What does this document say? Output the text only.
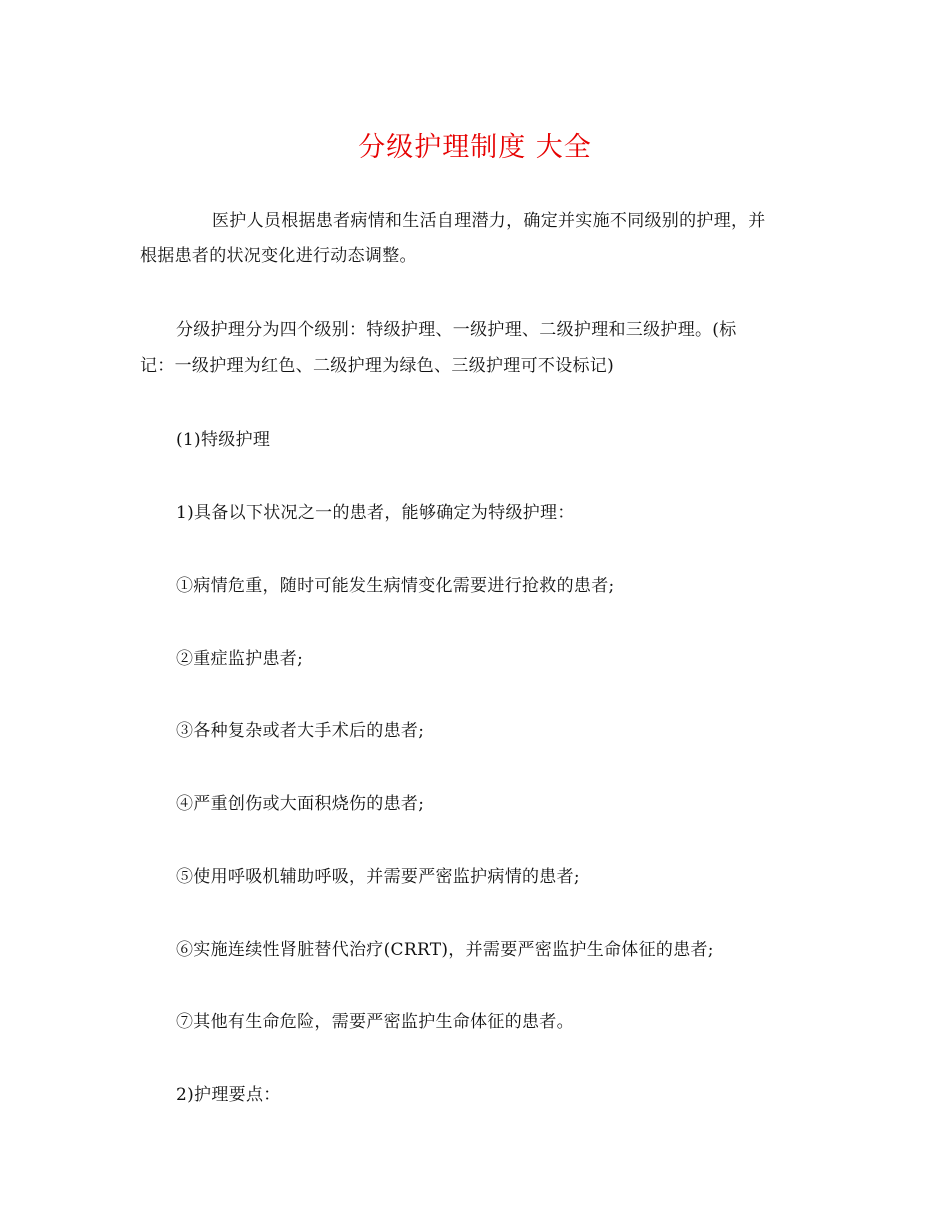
分级护理制度 大全
医护人员根据患者病情和生活自理潜力，确定并实施不同级别的护理，并
根据患者的状况变化进行动态调整。
分级护理分为四个级别：特级护理、一级护理、二级护理和三级护理。(标
记：一级护理为红色、二级护理为绿色、三级护理可不设标记)
(1)特级护理
1)具备以下状况之一的患者，能够确定为特级护理：
①病情危重，随时可能发生病情变化需要进行抢救的患者;
②重症监护患者;
③各种复杂或者大手术后的患者;
④严重创伤或大面积烧伤的患者;
⑤使用呼吸机辅助呼吸，并需要严密监护病情的患者;
⑥实施连续性肾脏替代治疗(CRRT)，并需要严密监护生命体征的患者;
⑦其他有生命危险，需要严密监护生命体征的患者。
2)护理要点：
